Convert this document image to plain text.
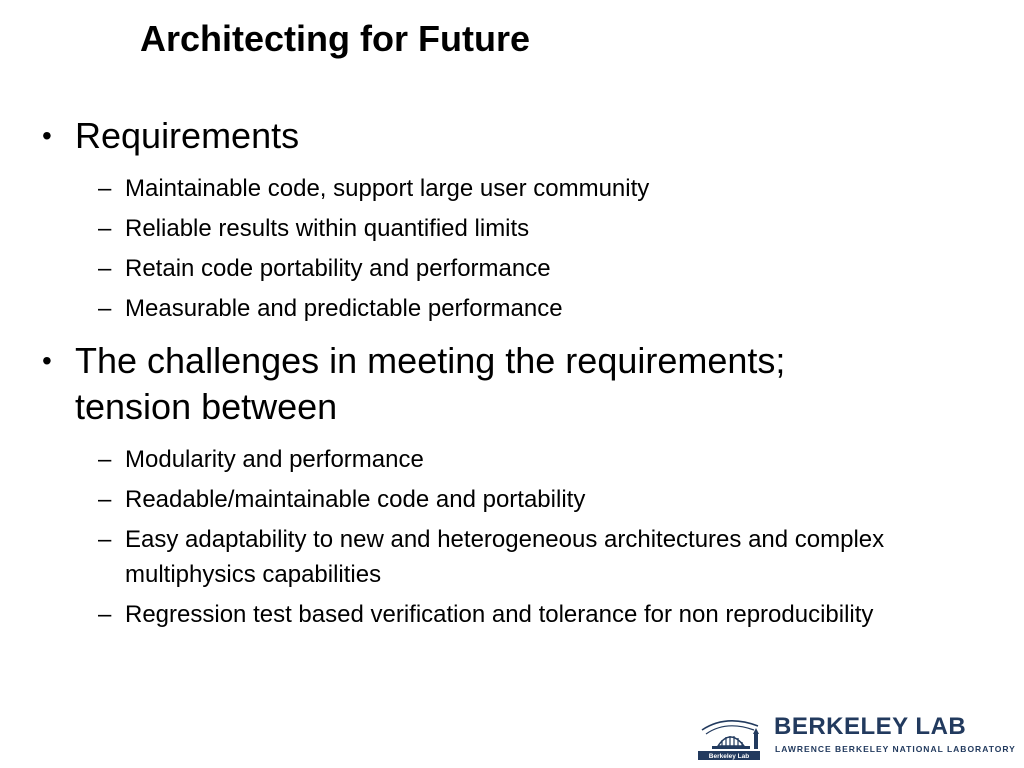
Architecting for Future
• Requirements
– Maintainable code, support large user community
– Reliable results within quantified limits
– Retain code portability and performance
– Measurable and predictable performance
• The challenges in meeting the requirements; tension between
– Modularity and performance
– Readable/maintainable code and portability
– Easy adaptability to new and heterogeneous architectures and complex multiphysics capabilities
– Regression test based verification and tolerance for non reproducibility
Berkeley Lab
BERKELEY LAB
LAWRENCE BERKELEY NATIONAL LABORATORY
